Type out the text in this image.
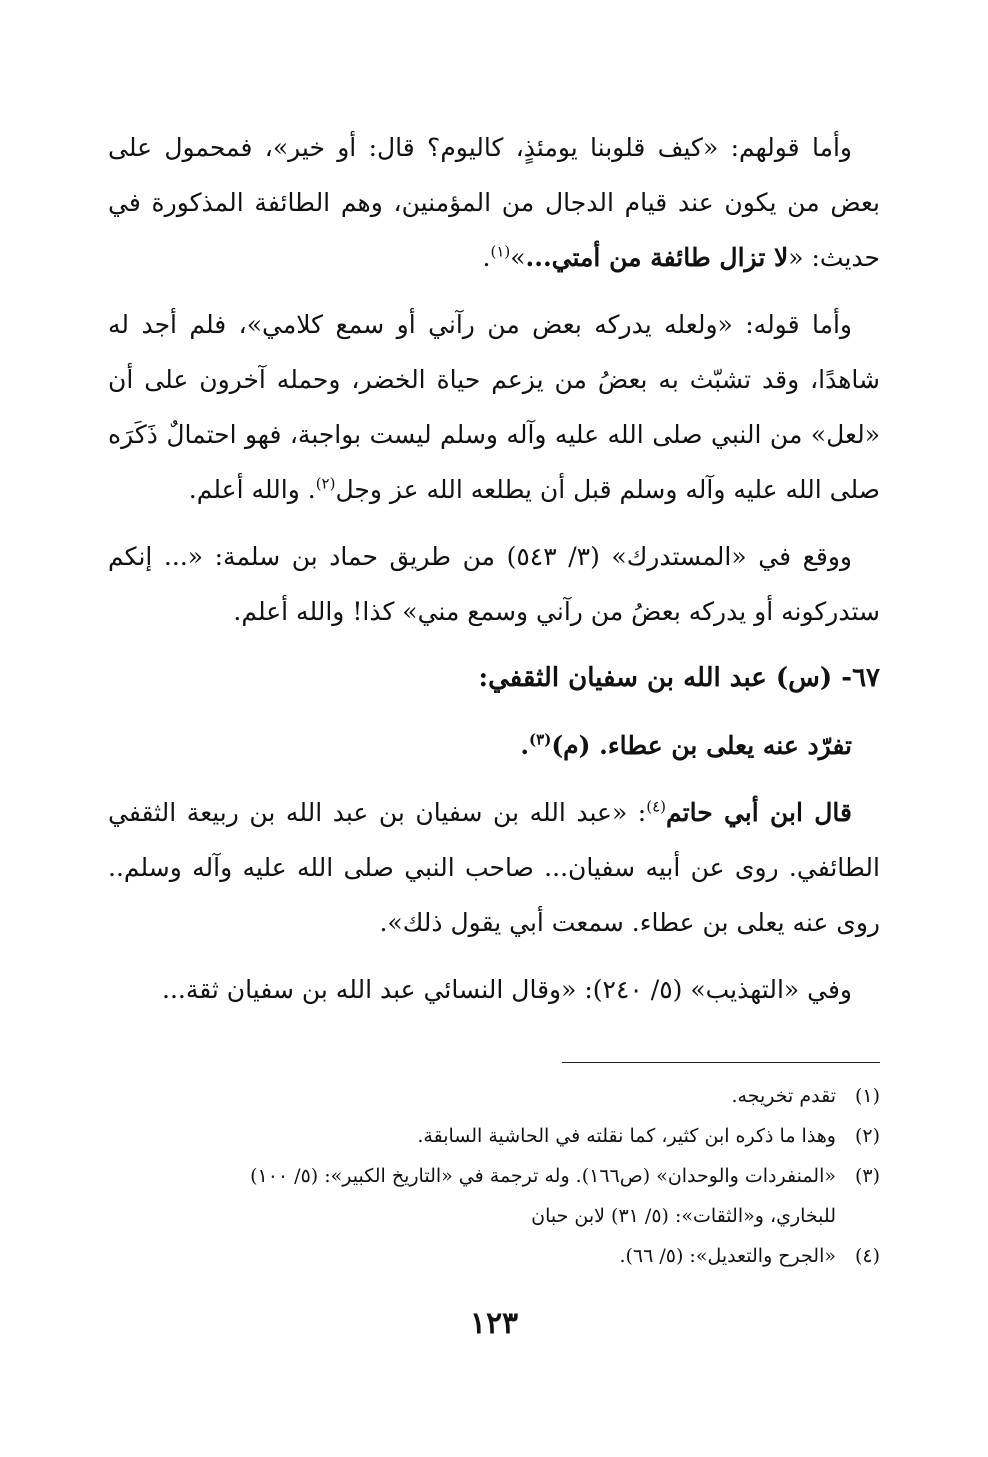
وأما قولهم: «كيف قلوبنا يومئذٍ، كاليوم؟ قال: أو خير»، فمحمول على بعض من يكون عند قيام الدجال من المؤمنين، وهم الطائفة المذكورة في حديث: «لا تزال طائفة من أمتي...»$^{(١)}$.

وأما قوله: «ولعله يدركه بعض من رآني أو سمع كلامي»، فلم أجد له شاهدًا، وقد تشبّث به بعضُ من يزعم حياة الخضر، وحمله آخرون على أن «لعل» من النبي صلى الله عليه وآله وسلم ليست بواجبة، فهو احتمالٌ ذَكَرَه صلى الله عليه وآله وسلم قبل أن يطلعه الله عز وجل$^{(٢)}$. والله أعلم.

ووقع في «المستدرك» (٣/ ٥٤٣) من طريق حماد بن سلمة: «... إنكم ستدركونه أو يدركه بعضُ من رآني وسمع مني» كذا! والله أعلم.

٦٧- (س) عبد الله بن سفيان الثقفي:

تفرّد عنه يعلى بن عطاء. (م)$^{(٣)}$.

قال ابن أبي حاتم$^{(٤)}$: «عبد الله بن سفيان بن عبد الله بن ربيعة الثقفي الطائفي. روى عن أبيه سفيان... صاحب النبي صلى الله عليه وآله وسلم.. روى عنه يعلى بن عطاء. سمعت أبي يقول ذلك».

وفي «التهذيب» (٥/ ٢٤٠): «وقال النسائي عبد الله بن سفيان ثقة...

(١)
تقدم تخريجه.
(٢)
وهذا ما ذكره ابن كثير، كما نقلته في الحاشية السابقة.
(٣)
«المنفردات والوحدان» (ص١٦٦). وله ترجمة في «التاريخ الكبير»: (٥/ ١٠٠)
للبخاري، و«الثقات»: (٥/ ٣١) لابن حبان
(٤)
«الجرح والتعديل»: (٥/ ٦٦).
١٢٣
